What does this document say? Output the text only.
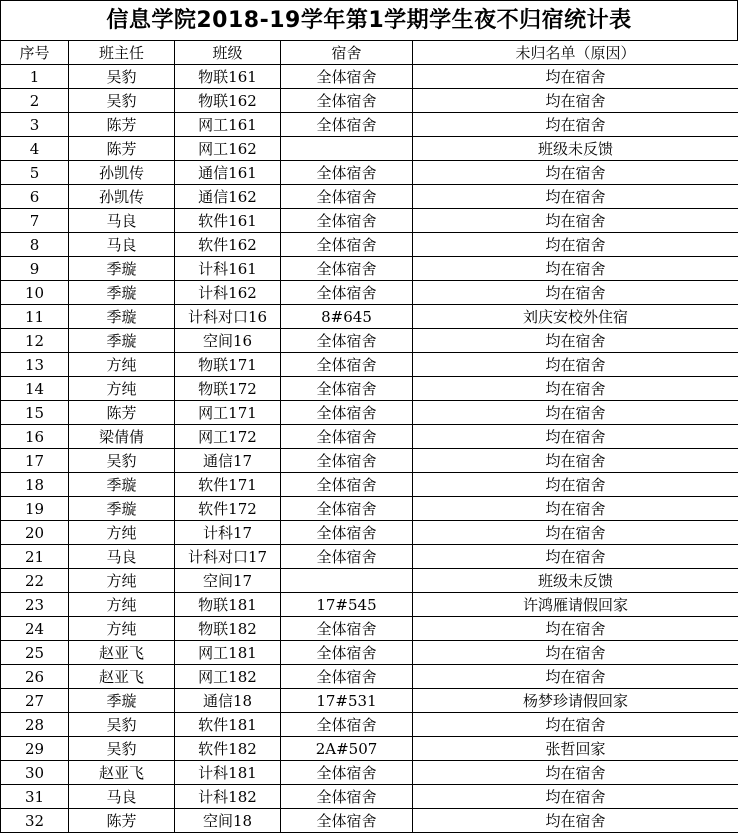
信息学院2018-19学年第1学期学生夜不归宿统计表
序号	班主任	班级	宿舍	未归名单（原因）
1	吴豹	物联161	全体宿舍	均在宿舍
2	吴豹	物联162	全体宿舍	均在宿舍
3	陈芳	网工161	全体宿舍	均在宿舍
4	陈芳	网工162		班级未反馈
5	孙凯传	通信161	全体宿舍	均在宿舍
6	孙凯传	通信162	全体宿舍	均在宿舍
7	马良	软件161	全体宿舍	均在宿舍
8	马良	软件162	全体宿舍	均在宿舍
9	季璇	计科161	全体宿舍	均在宿舍
10	季璇	计科162	全体宿舍	均在宿舍
11	季璇	计科对口16	8#645	刘庆安校外住宿
12	季璇	空间16	全体宿舍	均在宿舍
13	方纯	物联171	全体宿舍	均在宿舍
14	方纯	物联172	全体宿舍	均在宿舍
15	陈芳	网工171	全体宿舍	均在宿舍
16	梁倩倩	网工172	全体宿舍	均在宿舍
17	吴豹	通信17	全体宿舍	均在宿舍
18	季璇	软件171	全体宿舍	均在宿舍
19	季璇	软件172	全体宿舍	均在宿舍
20	方纯	计科17	全体宿舍	均在宿舍
21	马良	计科对口17	全体宿舍	均在宿舍
22	方纯	空间17		班级未反馈
23	方纯	物联181	17#545	许鸿雁请假回家
24	方纯	物联182	全体宿舍	均在宿舍
25	赵亚飞	网工181	全体宿舍	均在宿舍
26	赵亚飞	网工182	全体宿舍	均在宿舍
27	季璇	通信18	17#531	杨梦珍请假回家
28	吴豹	软件181	全体宿舍	均在宿舍
29	吴豹	软件182	2A#507	张哲回家
30	赵亚飞	计科181	全体宿舍	均在宿舍
31	马良	计科182	全体宿舍	均在宿舍
32	陈芳	空间18	全体宿舍	均在宿舍
